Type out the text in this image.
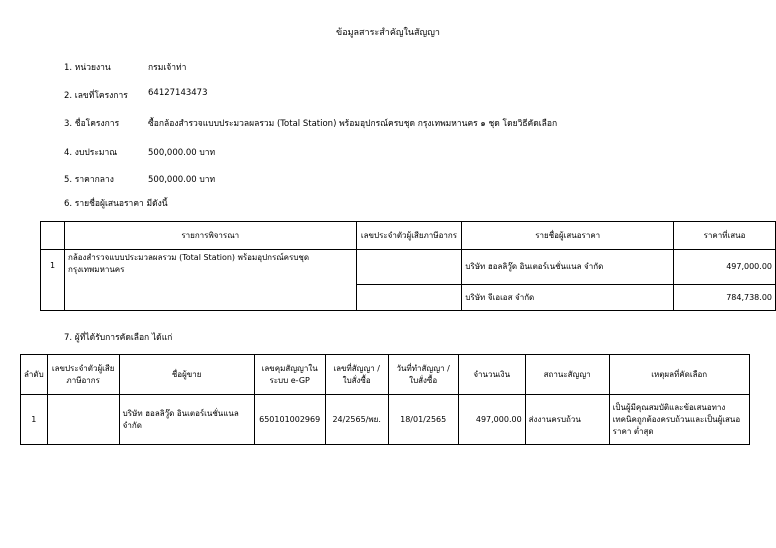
ข้อมูลสาระสำคัญในสัญญา
1. หน่วยงาน	กรมเจ้าท่า
2. เลขที่โครงการ 64127143473
3. ชื่อโครงการ	ซื้อกล้องสำรวจแบบประมวลผลรวม (Total Station) พร้อมอุปกรณ์ครบชุด กรุงเทพมหานคร ๑ ชุด โดยวิธีคัดเลือก
4. งบประมาณ	500,000.00 บาท
5. ราคากลาง	500,000.00 บาท
6. รายชื่อผู้เสนอราคา มีดังนี้
	รายการพิจารณา	เลขประจำตัวผู้เสียภาษีอากร	รายชื่อผู้เสนอราคา	ราคาที่เสนอ
1	กล้องสำรวจแบบประมวลผลรวม (Total Station) พร้อมอุปกรณ์ครบชุด กรุงเทพมหานคร		บริษัท ฮอลลิวู๊ด อินเตอร์เนชั่นแนล จำกัด	497,000.00
			บริษัท จีเอเอส จำกัด	784,738.00
7. ผู้ที่ได้รับการคัดเลือก ได้แก่
ลำดับ	เลขประจำตัวผู้เสียภาษีอากร	ชื่อผู้ขาย	เลขคุมสัญญาในระบบ e-GP	เลขที่สัญญา / ใบสั่งซื้อ	วันที่ทำสัญญา / ใบสั่งซื้อ	จำนวนเงิน	สถานะสัญญา	เหตุผลที่คัดเลือก
1		บริษัท ฮอลลิวู๊ด อินเตอร์เนชั่นแนล จำกัด	650101002969	24/2565/พย.	18/01/2565	497,000.00	ส่งงานครบถ้วน	เป็นผู้มีคุณสมบัติและข้อเสนอทางเทคนิคถูกต้องครบถ้วนและเป็นผู้เสนอราคา ต่ำสุด
